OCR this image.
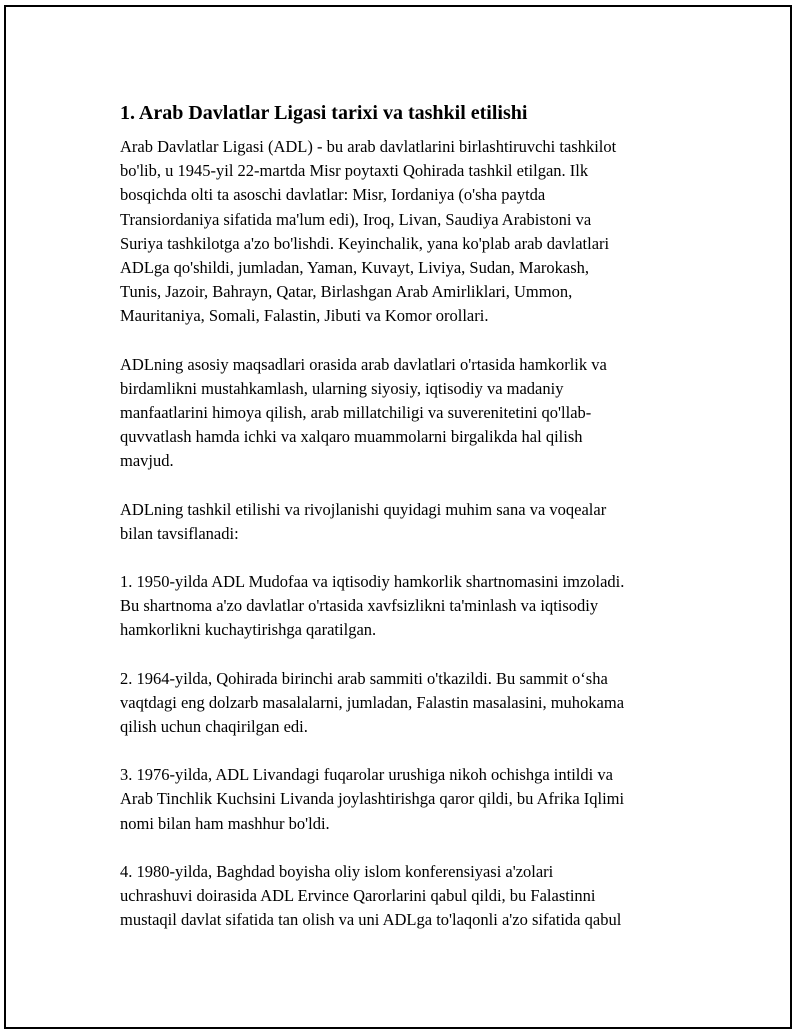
1. Arab Davlatlar Ligasi tarixi va tashkil etilishi
Arab Davlatlar Ligasi (ADL) - bu arab davlatlarini birlashtiruvchi tashkilot
bo'lib, u 1945-yil 22-martda Misr poytaxti Qohirada tashkil etilgan. Ilk
bosqichda olti ta asoschi davlatlar: Misr, Iordaniya (o'sha paytda
Transiordaniya sifatida ma'lum edi), Iroq, Livan, Saudiya Arabistoni va
Suriya tashkilotga a'zo bo'lishdi. Keyinchalik, yana ko'plab arab davlatlari
ADLga qo'shildi, jumladan, Yaman, Kuvayt, Liviya, Sudan, Marokash,
Tunis, Jazoir, Bahrayn, Qatar, Birlashgan Arab Amirliklari, Ummon,
Mauritaniya, Somali, Falastin, Jibuti va Komor orollari.
ADLning asosiy maqsadlari orasida arab davlatlari o'rtasida hamkorlik va
birdamlikni mustahkamlash, ularning siyosiy, iqtisodiy va madaniy
manfaatlarini himoya qilish, arab millatchiligi va suverenitetini qo'llab-
quvvatlash hamda ichki va xalqaro muammolarni birgalikda hal qilish
mavjud.
ADLning tashkil etilishi va rivojlanishi quyidagi muhim sana va voqealar
bilan tavsiflanadi:
1. 1950-yilda ADL Mudofaa va iqtisodiy hamkorlik shartnomasini imzoladi.
Bu shartnoma a'zo davlatlar o'rtasida xavfsizlikni ta'minlash va iqtisodiy
hamkorlikni kuchaytirishga qaratilgan.
2. 1964-yilda, Qohirada birinchi arab sammiti o'tkazildi. Bu sammit o‘sha
vaqtdagi eng dolzarb masalalarni, jumladan, Falastin masalasini, muhokama
qilish uchun chaqirilgan edi.
3. 1976-yilda, ADL Livandagi fuqarolar urushiga nikoh ochishga intildi va
Arab Tinchlik Kuchsini Livanda joylashtirishga qaror qildi, bu Afrika Iqlimi
nomi bilan ham mashhur bo'ldi.
4. 1980-yilda, Baghdad boyisha oliy islom konferensiyasi a'zolari
uchrashuvi doirasida ADL Ervince Qarorlarini qabul qildi, bu Falastinni
mustaqil davlat sifatida tan olish va uni ADLga to'laqonli a'zo sifatida qabul
